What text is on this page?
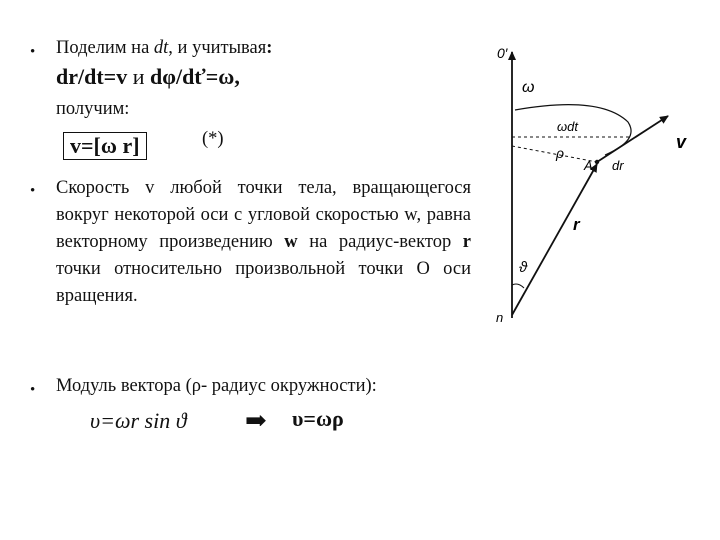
• Поделим на dt, и учитывая:
dr/dt=v и dφ/dť=ω,
получим:
v=[ω r]	(*)
• Скорость v любой точки тела, вращающегося вокруг некоторой оси с угловой скоростью w, равна векторному произведению w на радиус-вектор r точки относительно произвольной точки О оси вращения.
• Модуль вектора (ρ- радиус окружности):
υ=ωr sin ϑ ➡ υ=ωρ
0′
ω
ωdt
ρ
A dr
v
r
ϑ
n
